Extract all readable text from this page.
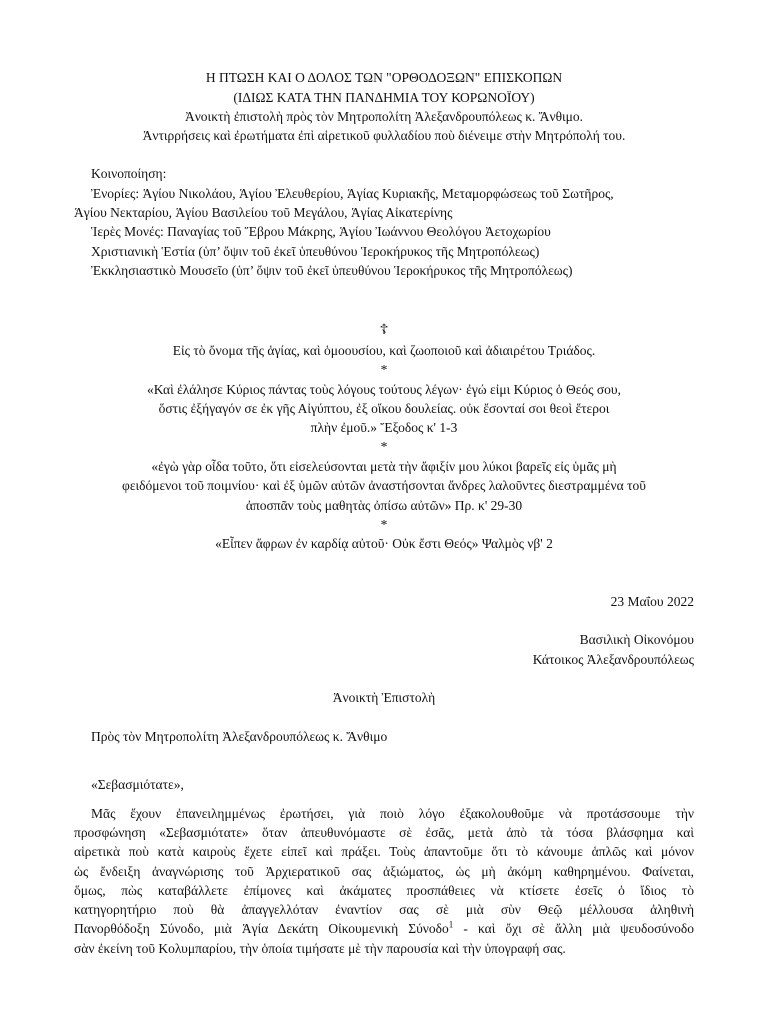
Η ΠΤΩΣΗ ΚΑΙ Ο ΔΟΛΟΣ ΤΩΝ "ΟΡΘΟΔΟΞΩΝ" ΕΠΙΣΚΟΠΩΝ
(ΙΔΙΩΣ ΚΑΤΑ ΤΗΝ ΠΑΝΔΗΜΙΑ ΤΟΥ ΚΟΡΩΝΟΪΟΥ)
Ἀνοικτὴ ἐπιστολὴ πρὸς τὸν Μητροπολίτη Ἀλεξανδρουπόλεως κ. Ἄνθιμο.
Ἀντιρρήσεις καὶ ἐρωτήματα ἐπὶ αἱρετικοῦ φυλλαδίου ποὺ διένειμε στὴν Μητρόπολή του.
Κοινοποίηση:
Ἐνορίες: Ἁγίου Νικολάου, Ἁγίου Ἐλευθερίου, Ἁγίας Κυριακῆς, Μεταμορφώσεως τοῦ Σωτῆρος,
Ἁγίου Νεκταρίου, Ἁγίου Βασιλείου τοῦ Μεγάλου, Ἁγίας Αἰκατερίνης
Ἱερὲς Μονές: Παναγίας τοῦ Ἕβρου Μάκρης, Ἁγίου Ἰωάννου Θεολόγου Ἀετοχωρίου
Χριστιανικὴ Ἑστία (ὑπ’ ὄψιν τοῦ ἐκεῖ ὑπευθύνου Ἱεροκήρυκος τῆς Μητροπόλεως)
Ἐκκλησιαστικὸ Μουσεῖο (ὑπ’ ὄψιν τοῦ ἐκεῖ ὑπευθύνου Ἱεροκήρυκος τῆς Μητροπόλεως)
☦
Εἰς τὸ ὄνομα τῆς ἁγίας, καὶ ὁμοουσίου, καὶ ζωοποιοῦ καὶ ἀδιαιρέτου Τριάδος.
*
«Καὶ ἐλάλησε Κύριος πάντας τοὺς λόγους τούτους λέγων· ἐγώ εἰμι Κύριος ὁ Θεός σου,
ὅστις ἐξήγαγόν σε ἐκ γῆς Αἰγύπτου, ἐξ οἴκου δουλείας. οὐκ ἔσονταί σοι θεοὶ ἕτεροι
πλὴν ἐμοῦ.» Ἔξοδος κ' 1-3
*
«ἐγὼ γὰρ οἶδα τοῦτο, ὅτι εἰσελεύσονται μετὰ τὴν ἄφιξίν μου λύκοι βαρεῖς εἰς ὑμᾶς μὴ
φειδόμενοι τοῦ ποιμνίου· καὶ ἐξ ὑμῶν αὐτῶν ἀναστήσονται ἄνδρες λαλοῦντες διεστραμμένα τοῦ
ἀποσπᾶν τοὺς μαθητὰς ὀπίσω αὐτῶν» Πρ. κ' 29-30
*
«Εἶπεν ἄφρων ἐν καρδίᾳ αὐτοῦ· Οὐκ ἔστι Θεός» Ψαλμὸς νβ' 2
23 Μαΐου 2022
Βασιλικὴ Οἰκονόμου
Κάτοικος Ἀλεξανδρουπόλεως
Ἀνοικτὴ Ἐπιστολὴ
Πρὸς τὸν Μητροπολίτη Ἀλεξανδρουπόλεως κ. Ἄνθιμο
«Σεβασμιότατε»,
Μᾶς ἔχουν ἐπανειλημμένως ἐρωτήσει, γιὰ ποιὸ λόγο ἐξακολουθοῦμε νὰ προτάσσουμε τὴν
προσφώνηση «Σεβασμιότατε» ὅταν ἀπευθυνόμαστε σὲ ἐσᾶς, μετὰ ἀπὸ τὰ τόσα βλάσφημα καὶ
αἱρετικὰ ποὺ κατὰ καιροὺς ἔχετε εἰπεῖ καὶ πράξει. Τοὺς ἀπαντοῦμε ὅτι τὸ κάνουμε ἁπλῶς καὶ μόνον
ὡς ἔνδειξη ἀναγνώρισης τοῦ Ἀρχιερατικοῦ σας ἀξιώματος, ὡς μὴ ἀκόμη καθηρημένου. Φαίνεται,
ὅμως, πὼς καταβάλλετε ἐπίμονες καὶ ἀκάματες προσπάθειες νὰ κτίσετε ἐσεῖς ὁ ἴδιος τὸ
κατηγορητήριο ποὺ θὰ ἀπαγγελλόταν ἐναντίον σας σὲ μιὰ σὺν Θεῷ μέλλουσα ἀληθινὴ
Πανορθόδοξη Σύνοδο, μιὰ Ἁγία Δεκάτη Οἰκουμενικὴ Σύνοδο$^1$ - καὶ ὄχι σὲ ἄλλη μιὰ ψευδοσύνοδο
σὰν ἐκείνη τοῦ Κολυμπαρίου, τὴν ὁποία τιμήσατε μὲ τὴν παρουσία καὶ τὴν ὑπογραφή σας.
